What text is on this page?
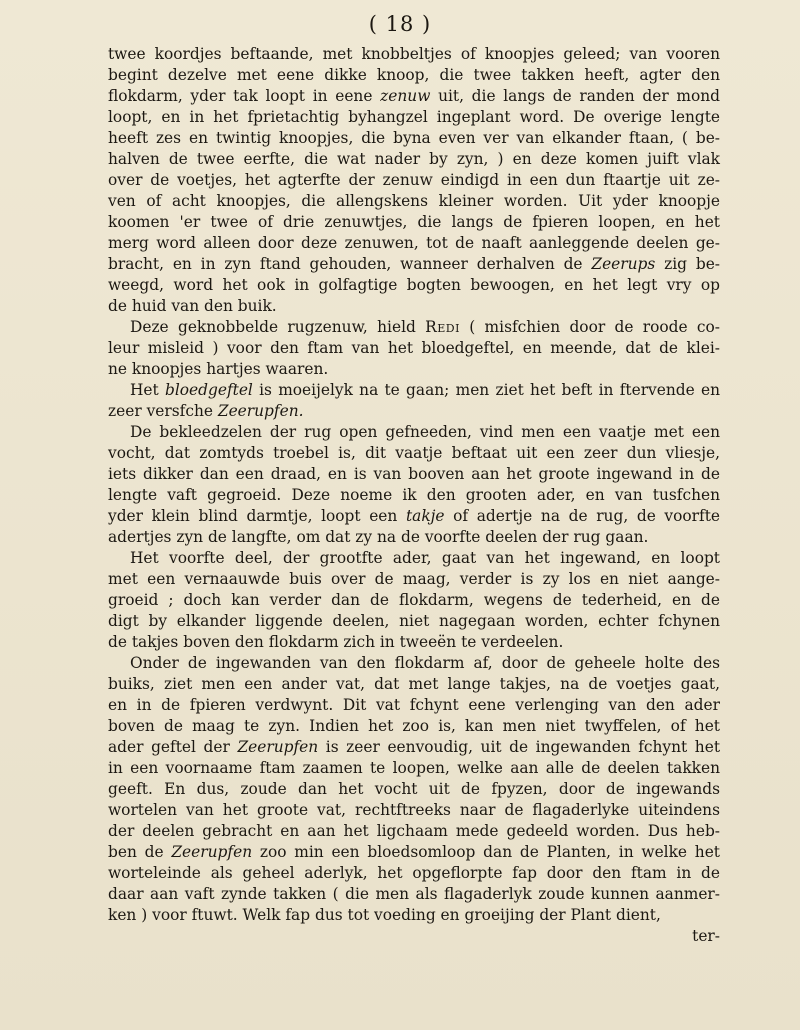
( 18 )
twee koordjes beftaande, met knobbeltjes of knoopjes geleed; van vooren
begint dezelve met eene dikke knoop, die twee takken heeft, agter den
flokdarm, yder tak loopt in eene zenuw uit, die langs de randen der mond
loopt, en in het fprietachtig byhangzel ingeplant word. De overige lengte
heeft zes en twintig knoopjes, die byna even ver van elkander ftaan, ( be-
halven de twee eerfte, die wat nader by zyn, ) en deze komen juift vlak
over de voetjes, het agterfte der zenuw eindigd in een dun ftaartje uit ze-
ven of acht knoopjes, die allengskens kleiner worden. Uit yder knoopje
koomen 'er twee of drie zenuwtjes, die langs de fpieren loopen, en het
merg word alleen door deze zenuwen, tot de naaft aanleggende deelen ge-
bracht, en in zyn ftand gehouden, wanneer derhalven de Zeerups zig be-
weegd, word het ook in golfagtige bogten bewoogen, en het legt vry op
de huid van den buik.
Deze geknobbelde rugzenuw, hield Redi ( misfchien door de roode co-
leur misleid ) voor den ftam van het bloedgeftel, en meende, dat de klei-
ne knoopjes hartjes waaren.
Het bloedgeftel is moeijelyk na te gaan; men ziet het beft in ftervende en
zeer versfche Zeerupfen.
De bekleedzelen der rug open gefneeden, vind men een vaatje met een
vocht, dat zomtyds troebel is, dit vaatje beftaat uit een zeer dun vliesje,
iets dikker dan een draad, en is van booven aan het groote ingewand in de
lengte vaft gegroeid. Deze noeme ik den grooten ader, en van tusfchen
yder klein blind darmtje, loopt een takje of adertje na de rug, de voorfte
adertjes zyn de langfte, om dat zy na de voorfte deelen der rug gaan.
Het voorfte deel, der grootfte ader, gaat van het ingewand, en loopt
met een vernaauwde buis over de maag, verder is zy los en niet aange-
groeid ; doch kan verder dan de flokdarm, wegens de tederheid, en de
digt by elkander liggende deelen, niet nagegaan worden, echter fchynen
de takjes boven den flokdarm zich in tweeën te verdeelen.
Onder de ingewanden van den flokdarm af, door de geheele holte des
buiks, ziet men een ander vat, dat met lange takjes, na de voetjes gaat,
en in de fpieren verdwynt. Dit vat fchynt eene verlenging van den ader
boven de maag te zyn. Indien het zoo is, kan men niet twyffelen, of het
ader geftel der Zeerupfen is zeer eenvoudig, uit de ingewanden fchynt het
in een voornaame ftam zaamen te loopen, welke aan alle de deelen takken
geeft. En dus, zoude dan het vocht uit de fpyzen, door de ingewands
wortelen van het groote vat, rechtftreeks naar de flagaderlyke uiteindens
der deelen gebracht en aan het ligchaam mede gedeeld worden. Dus heb-
ben de Zeerupfen zoo min een bloedsomloop dan de Planten, in welke het
worteleinde als geheel aderlyk, het opgeflorpte fap door den ftam in de
daar aan vaft zynde takken ( die men als flagaderlyk zoude kunnen aanmer-
ken ) voor ftuwt. Welk fap dus tot voeding en groeijing der Plant dient,
ter-
